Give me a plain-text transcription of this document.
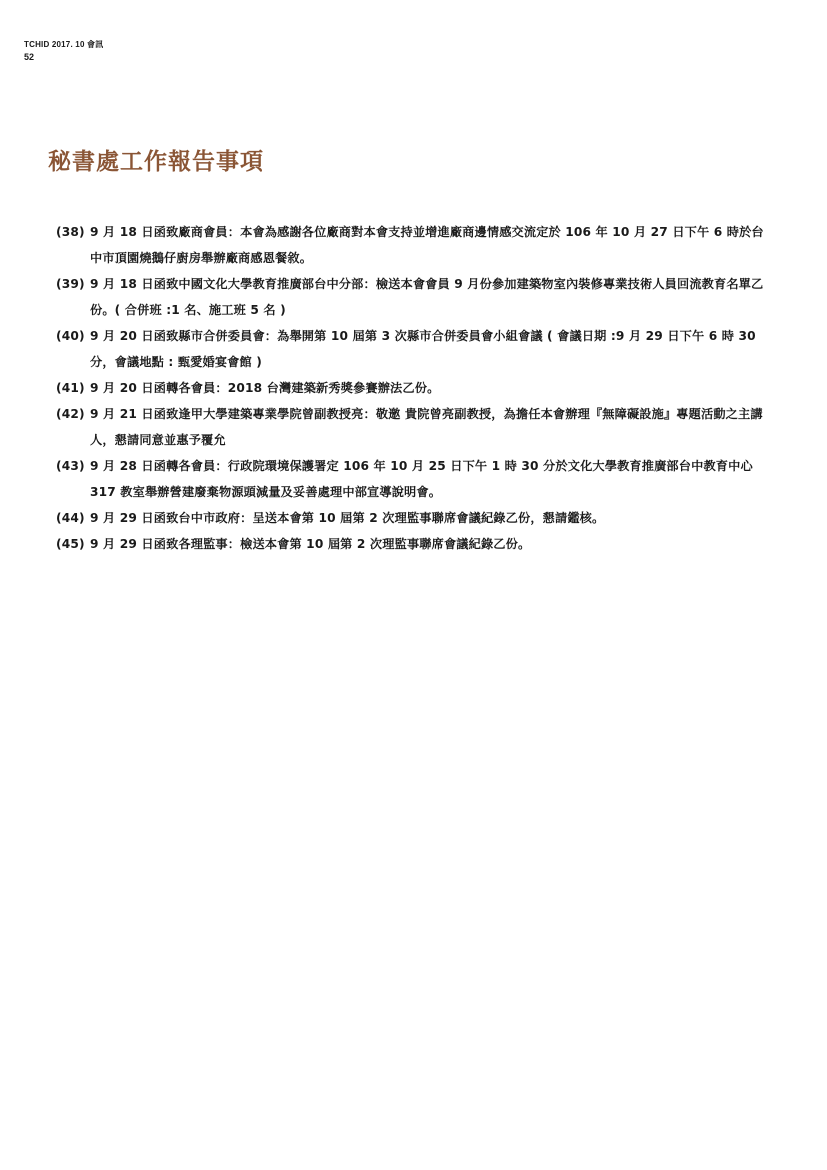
TCHID 2017. 10 會訊
52
秘書處工作報告事項
(38) 9 月 18 日函致廠商會員：本會為感謝各位廠商對本會支持並增進廠商邊情感交流定於 106 年 10 月 27 日下午 6 時於台中市頂園燒鵝仔廚房舉辦廠商感恩餐敘。
(39) 9 月 18 日函致中國文化大學教育推廣部台中分部：檢送本會會員 9 月份參加建築物室內裝修專業技術人員回流教育名單乙份。( 合併班 :1 名、施工班 5 名 )
(40) 9 月 20 日函致縣市合併委員會：為舉開第 10 屆第 3 次縣市合併委員會小組會議 ( 會議日期 :9 月 29 日下午 6 時 30 分，會議地點 : 甄愛婚宴會館 )
(41) 9 月 20 日函轉各會員：2018 台灣建築新秀獎參賽辦法乙份。
(42) 9 月 21 日函致逢甲大學建築專業學院曾副教授亮：敬邀 貴院曾亮副教授，為擔任本會辦理『無障礙設施』專題活動之主講人，懇請同意並惠予覆允
(43) 9 月 28 日函轉各會員：行政院環境保護署定 106 年 10 月 25 日下午 1 時 30 分於文化大學教育推廣部台中教育中心 317 教室舉辦營建廢棄物源頭減量及妥善處理中部宣導說明會。
(44) 9 月 29 日函致台中市政府：呈送本會第 10 屆第 2 次理監事聯席會議紀錄乙份，懇請鑑核。
(45) 9 月 29 日函致各理監事：檢送本會第 10 屆第 2 次理監事聯席會議紀錄乙份。
